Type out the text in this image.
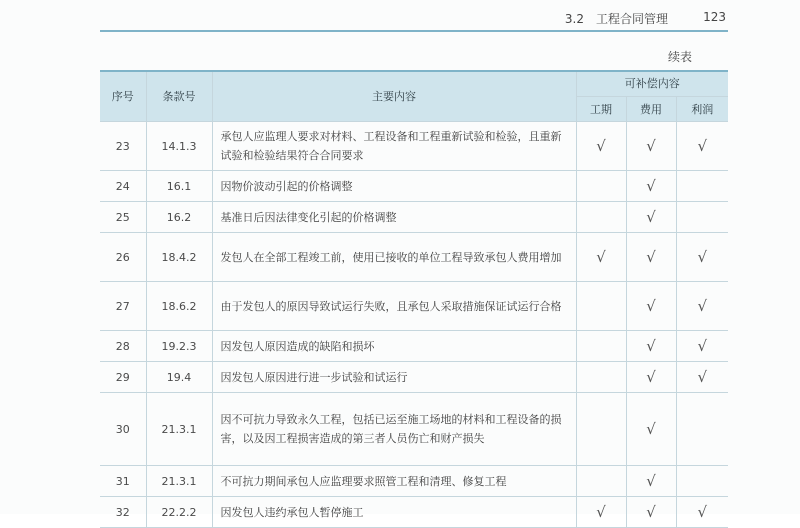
3.2　工程合同管理	123
续表
序号	条款号	主要内容	可补偿内容		
			工期	费用	利润
23	14.1.3	承包人应监理人要求对材料、工程设备和工程重新试验和检验，且重新试验和检验结果符合合同要求	√	√	√
24	16.1	因物价波动引起的价格调整		√	
25	16.2	基准日后因法律变化引起的价格调整		√	
26	18.4.2	发包人在全部工程竣工前，使用已接收的单位工程导致承包人费用增加	√	√	√
27	18.6.2	由于发包人的原因导致试运行失败，且承包人采取措施保证试运行合格		√	√
28	19.2.3	因发包人原因造成的缺陷和损坏		√	√
29	19.4	因发包人原因进行进一步试验和试运行		√	√
30	21.3.1	因不可抗力导致永久工程，包括已运至施工场地的材料和工程设备的损害，以及因工程损害造成的第三者人员伤亡和财产损失		√	
31	21.3.1	不可抗力期间承包人应监理要求照管工程和清理、修复工程		√	
32	22.2.2	因发包人违约承包人暂停施工	√	√	√
